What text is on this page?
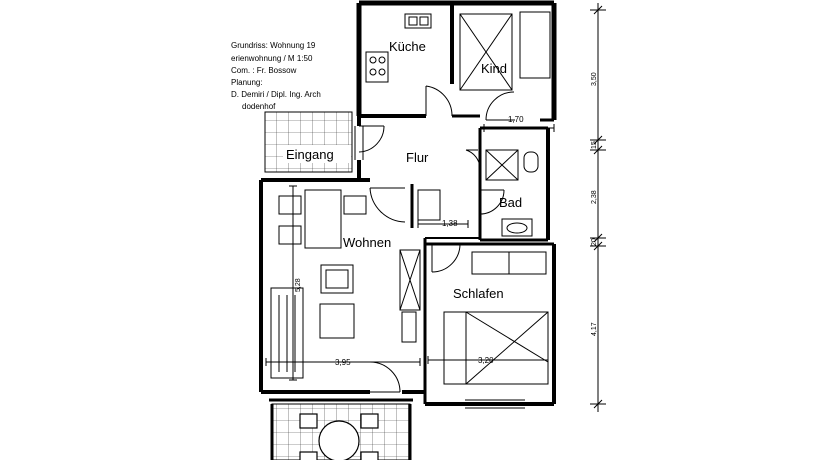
Grundriss: Wohnung 19
erienwohnung / M 1:50
Com. : Fr. Bossow
Planung:
D. Demiri / Dipl. Ing. Arch
dodenhof
Küche
Kind
Eingang	Flur
Bad
Wohnen
Schlafen
1,70
1,38
3,95	3,20
5,28
3,50
15
2,38
20
4,17
